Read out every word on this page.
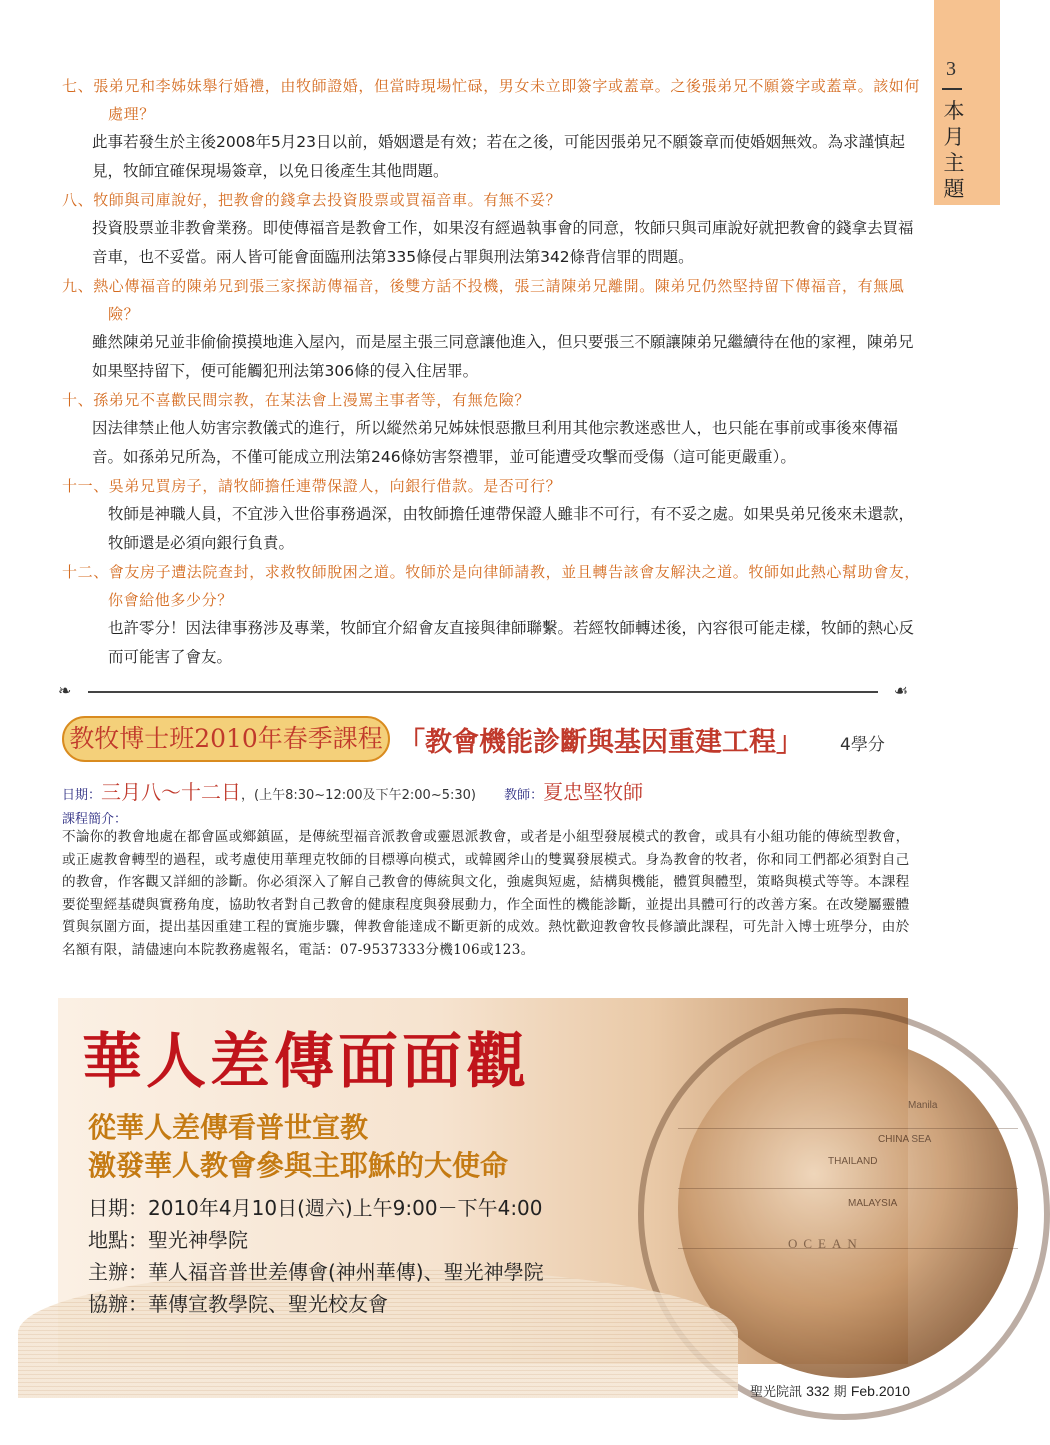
3
本月主題
七、張弟兄和李姊妹舉行婚禮，由牧師證婚，但當時現場忙碌，男女未立即簽字或蓋章。之後張弟兄不願簽字或蓋章。該如何處理？
此事若發生於主後2008年5月23日以前，婚姻還是有效；若在之後，可能因張弟兄不願簽章而使婚姻無效。為求謹慎起見，牧師宜確保現場簽章，以免日後產生其他問題。
八、牧師與司庫說好，把教會的錢拿去投資股票或買福音車。有無不妥？
投資股票並非教會業務。即使傳福音是教會工作，如果沒有經過執事會的同意，牧師只與司庫說好就把教會的錢拿去買福音車，也不妥當。兩人皆可能會面臨刑法第335條侵占罪與刑法第342條背信罪的問題。
九、熱心傳福音的陳弟兄到張三家探訪傳福音，後雙方話不投機，張三請陳弟兄離開。陳弟兄仍然堅持留下傳福音，有無風險？
雖然陳弟兄並非偷偷摸摸地進入屋內，而是屋主張三同意讓他進入，但只要張三不願讓陳弟兄繼續待在他的家裡，陳弟兄如果堅持留下，便可能觸犯刑法第306條的侵入住居罪。
十、孫弟兄不喜歡民間宗教，在某法會上漫罵主事者等，有無危險？
因法律禁止他人妨害宗教儀式的進行，所以縱然弟兄姊妹恨惡撒旦利用其他宗教迷惑世人，也只能在事前或事後來傳福音。如孫弟兄所為，不僅可能成立刑法第246條妨害祭禮罪，並可能遭受攻擊而受傷（這可能更嚴重）。
十一、吳弟兄買房子，請牧師擔任連帶保證人，向銀行借款。是否可行？
牧師是神職人員，不宜涉入世俗事務過深，由牧師擔任連帶保證人雖非不可行，有不妥之處。如果吳弟兄後來未還款，牧師還是必須向銀行負責。
十二、會友房子遭法院查封，求救牧師脫困之道。牧師於是向律師請教，並且轉告該會友解決之道。牧師如此熱心幫助會友，你會給他多少分？
也許零分！因法律事務涉及專業，牧師宜介紹會友直接與律師聯繫。若經牧師轉述後，內容很可能走樣，牧師的熱心反而可能害了會友。
❧	☙
教牧博士班2010年春季課程 「教會機能診斷與基因重建工程」 4學分
日期：三月八～十二日，(上午8:30~12:00及下午2:00~5:30) 教師：夏忠堅牧師
課程簡介：
不論你的教會地處在都會區或鄉鎮區，是傳統型福音派教會或靈恩派教會，或者是小組型發展模式的教會，或具有小組功能的傳統型教會，或正處教會轉型的過程，或考慮使用華理克牧師的目標導向模式，或韓國斧山的雙翼發展模式。身為教會的牧者，你和同工們都必須對自己的教會，作客觀又詳細的診斷。你必須深入了解自己教會的傳統與文化，強處與短處，結構與機能，體質與體型，策略與模式等等。本課程要從聖經基礎與實務角度，協助牧者對自己教會的健康程度與發展動力，作全面性的機能診斷，並提出具體可行的改善方案。在改變屬靈體質與氛圍方面，提出基因重建工程的實施步驟，俾教會能達成不斷更新的成效。熱忱歡迎教會牧長修讀此課程，可先計入博士班學分，由於名額有限，請儘速向本院教務處報名，電話：07-9537333分機106或123。
CHINA SEA
THAILAND
MALAYSIA
OCEAN
Manila
華人差傳面面觀
從華人差傳看普世宣教
激發華人教會參與主耶穌的大使命
日期：2010年4月10日(週六)上午9:00－下午4:00
地點：聖光神學院
主辦：華人福音普世差傳會(神州華傳)、聖光神學院
協辦：華傳宣教學院、聖光校友會
聖光院訊 332 期 Feb.2010
